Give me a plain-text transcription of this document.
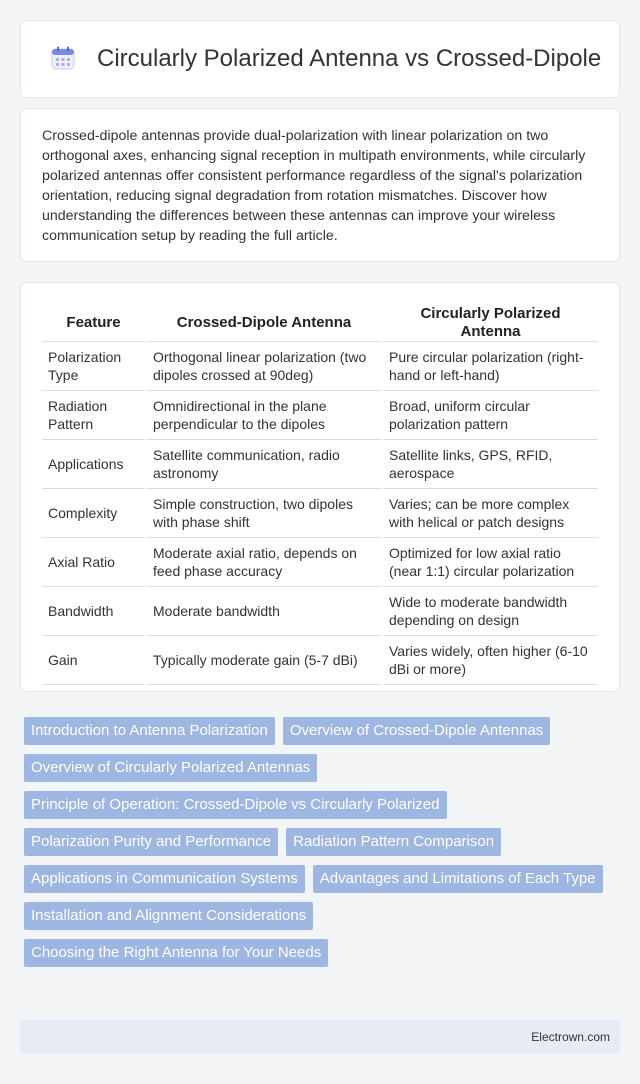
Circularly Polarized Antenna vs Crossed-Dipole

Crossed-dipole antennas provide dual-polarization with linear polarization on two orthogonal axes, enhancing signal reception in multipath environments, while circularly polarized antennas offer consistent performance regardless of the signal's polarization orientation, reducing signal degradation from rotation mismatches. Discover how understanding the differences between these antennas can improve your wireless communication setup by reading the full article.

Feature	Crossed-Dipole Antenna	Circularly Polarized Antenna
Polarization Type	Orthogonal linear polarization (two dipoles crossed at 90deg)	Pure circular polarization (right-hand or left-hand)
Radiation Pattern	Omnidirectional in the plane perpendicular to the dipoles	Broad, uniform circular polarization pattern
Applications	Satellite communication, radio astronomy	Satellite links, GPS, RFID, aerospace
Complexity	Simple construction, two dipoles with phase shift	Varies; can be more complex with helical or patch designs
Axial Ratio	Moderate axial ratio, depends on feed phase accuracy	Optimized for low axial ratio (near 1:1) circular polarization
Bandwidth	Moderate bandwidth	Wide to moderate bandwidth depending on design
Gain	Typically moderate gain (5-7 dBi)	Varies widely, often higher (6-10 dBi or more)
Introduction to Antenna Polarization	Overview of Crossed-Dipole Antennas
Overview of Circularly Polarized Antennas
Principle of Operation: Crossed-Dipole vs Circularly Polarized
Polarization Purity and Performance	Radiation Pattern Comparison
Applications in Communication Systems	Advantages and Limitations of Each Type
Installation and Alignment Considerations
Choosing the Right Antenna for Your Needs
Electrown.com
